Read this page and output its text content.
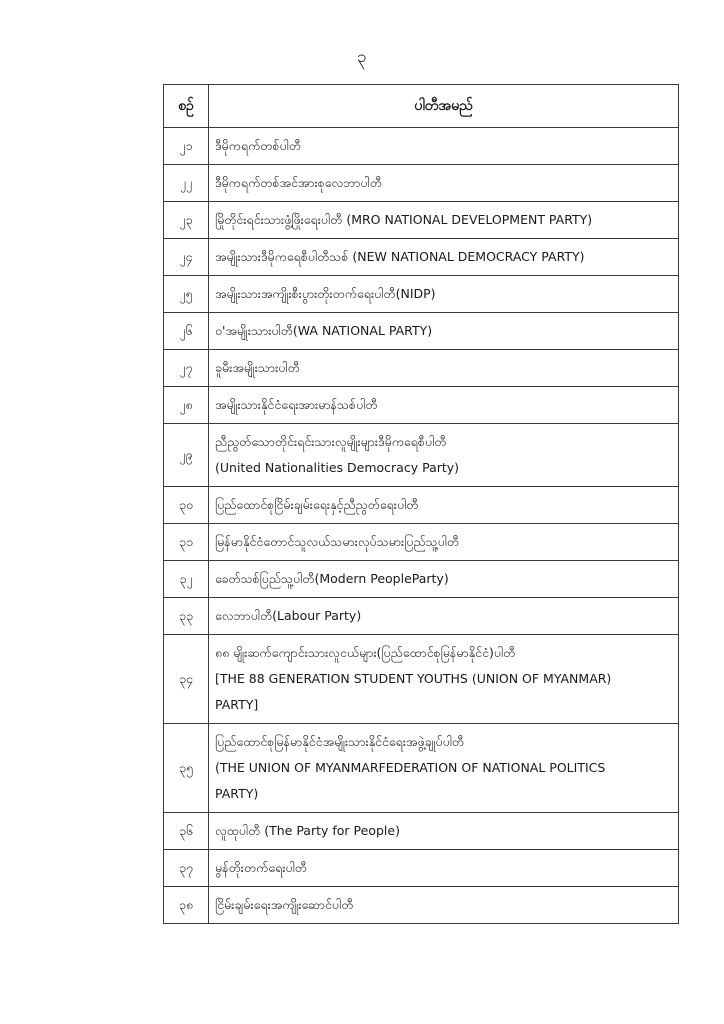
၃
စဉ်	ပါတီအမည်
၂၁	ဒီမိုကရက်တစ်ပါတီ

၂၂	ဒီမိုကရက်တစ်အင်အားစုလေဘာပါတီ

၂၃	မြိုတိုင်းရင်းသားဖွံ့ဖြိုးရေးပါတီ (MRO NATIONAL DEVELOPMENT PARTY)

၂၄	အမျိုးသားဒီမိုကရေစီပါတီသစ် (NEW NATIONAL DEMOCRACY PARTY)

၂၅	အမျိုးသားအကျိုးစီးပွားတိုးတက်ရေးပါတီ(NIDP)

၂၆	ဝ'အမျိုးသားပါတီ(WA NATIONAL PARTY)

၂၇	ခူမီးအမျိုးသားပါတီ

၂၈	အမျိုးသားနိုင်ငံရေးအားမာန်သစ်ပါတီ

၂၉	ညီညွတ်သောတိုင်းရင်းသားလူမျိုးများဒီမိုကရေစီပါတီ
(United Nationalities Democracy Party)

၃၀	ပြည်ထောင်စုငြိမ်းချမ်းရေးနှင့်ညီညွတ်ရေးပါတီ

၃၁	မြန်မာနိုင်ငံတောင်သူလယ်သမားလုပ်သမားပြည်သူ့ပါတီ

၃၂	ခေတ်သစ်ပြည်သူ့ပါတီ(Modern PeopleParty)

၃၃	လေဘာပါတီ(Labour Party)

၃၄	၈၈ မျိုးဆက်ကျောင်းသားလူငယ်များ(ပြည်ထောင်စုမြန်မာနိုင်ငံ)ပါတီ
[THE 88 GENERATION STUDENT YOUTHS (UNION OF MYANMAR)
PARTY]

၃၅	ပြည်ထောင်စုမြန်မာနိုင်ငံအမျိုးသားနိုင်ငံရေးအဖွဲ့ချုပ်ပါတီ
(THE UNION OF MYANMARFEDERATION OF NATIONAL POLITICS
PARTY)

၃၆	လူထုပါတီ (The Party for People)

၃၇	မွန်တိုးတက်ရေးပါတီ

၃၈	ငြိမ်းချမ်းရေးအကျိုးဆောင်ပါတီ
